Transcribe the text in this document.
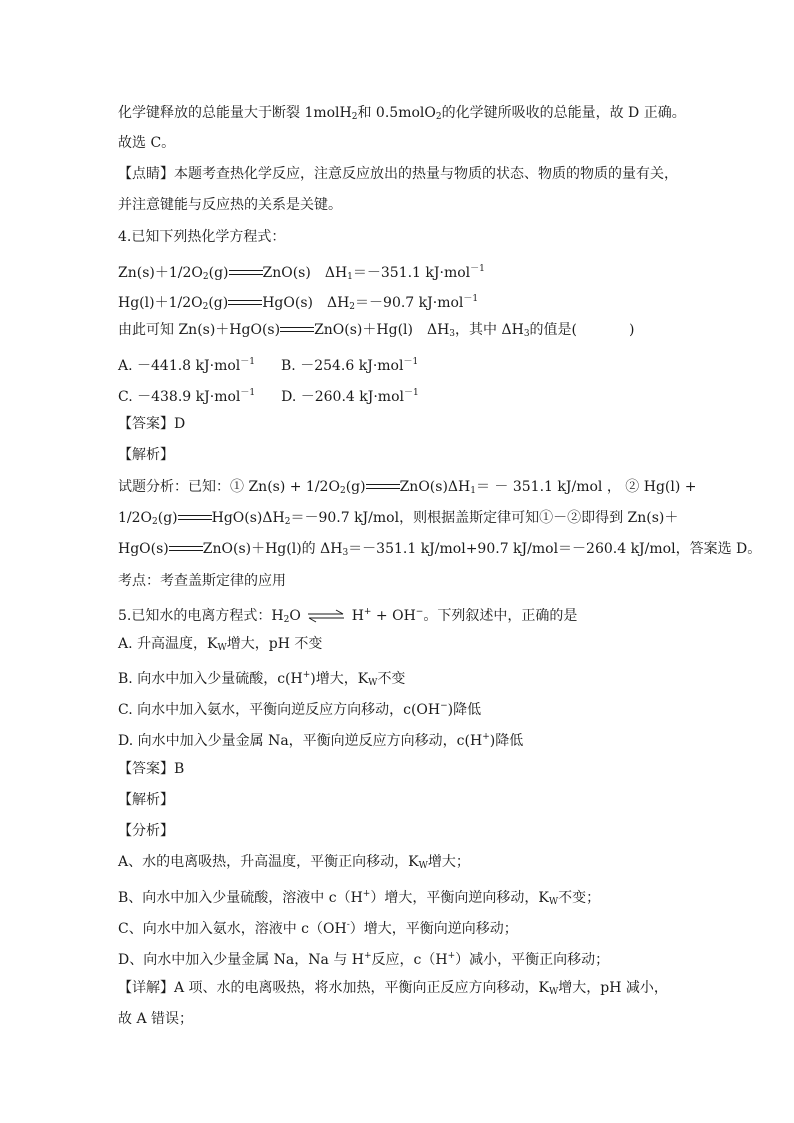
化学键释放的总能量大于断裂 1molH$_2$和 0.5molO$_2$的化学键所吸收的总能量，故 D 正确。
故选 C。
【点睛】本题考查热化学反应，注意反应放出的热量与物质的状态、物质的物质的量有关，
并注意键能与反应热的关系是关键。
4.已知下列热化学方程式：
$Zn(s)+1/2O_2(g)$ ZnO(s)　$\Delta H_1=-351.1$ kJ·mol$^{-1}$
$Hg(l)+1/2O_2(g)$ HgO(s)　$\Delta H_2=-90.7$ kJ·mol$^{-1}$
由此可知 Zn(s)＋HgO(s) ZnO(s)＋Hg(l)　$\Delta H_3$，其中 $\Delta H_3$的值是(	)
A. －441.8 kJ·mol$^{-1}$ B. －254.6 kJ·mol$^{-1}$
C. －438.9 kJ·mol$^{-1}$ D. －260.4 kJ·mol$^{-1}$
【答案】D
【解析】
试题分析：已知：① $Zn(s) + 1/2O_2(g) ZnO(s)\Delta H_1= - 351.1$ kJ/mol ， ② Hg(l) +
$1/2O_2(g)$ $HgO(s)\Delta H_2=-90.7$ kJ/mol，则根据盖斯定律可知①－②即得到 Zn(s)＋
HgO(s) ZnO(s)＋Hg(l)的 $\Delta H_3=-351.1$ kJ/mol+90.7 kJ/mol＝－260.4 kJ/mol，答案选 D。
考点：考查盖斯定律的应用
5.已知水的电离方程式：$H_2O$ ⇌ H+ + OH−。下列叙述中，正确的是
A. 升高温度，$K_W$增大，pH 不变
B. 向水中加入少量硫酸，c(H+)增大，$K_W$不变
C. 向水中加入氨水，平衡向逆反应方向移动，c(OH−)降低
D. 向水中加入少量金属 Na，平衡向逆反应方向移动，c(H+)降低
【答案】B
【解析】
【分析】
A、水的电离吸热，升高温度，平衡正向移动，$K_W$增大；
B、向水中加入少量硫酸，溶液中 c（H+）增大，平衡向逆向移动，$K_W$不变；
C、向水中加入氨水，溶液中 c（OH-）增大，平衡向逆向移动；
D、向水中加入少量金属 Na，Na 与 H+反应，c（H+）减小，平衡正向移动；
【详解】A 项、水的电离吸热，将水加热，平衡向正反应方向移动，$K_W$增大，pH 减小，
故 A 错误；
